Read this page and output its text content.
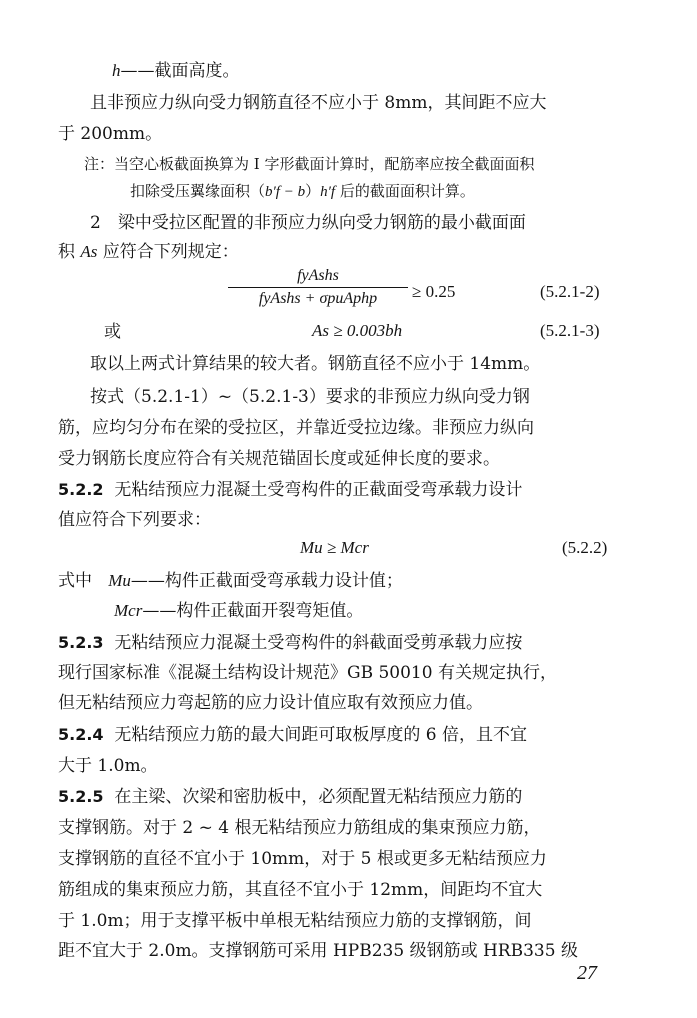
h——截面高度。
且非预应力纵向受力钢筋直径不应小于 8mm，其间距不应大
于 200mm。
注：当空心板截面换算为 I 字形截面计算时，配筋率应按全截面面积
扣除受压翼缘面积（b′f − b）h′f 后的截面面积计算。
2　梁中受拉区配置的非预应力纵向受力钢筋的最小截面面
积 As 应符合下列规定：
fyAshs
fyAshs + σpuAphp	≥ 0.25	(5.2.1-2)
或	As ≥ 0.003bh	(5.2.1-3)
取以上两式计算结果的较大者。钢筋直径不应小于 14mm。
按式（5.2.1-1）~（5.2.1-3）要求的非预应力纵向受力钢
筋，应均匀分布在梁的受拉区，并靠近受拉边缘。非预应力纵向
受力钢筋长度应符合有关规范锚固长度或延伸长度的要求。
5.2.2 无粘结预应力混凝土受弯构件的正截面受弯承载力设计
值应符合下列要求：
Mu ≥ Mcr	(5.2.2)
式中 Mu——构件正截面受弯承载力设计值；
Mcr——构件正截面开裂弯矩值。
5.2.3 无粘结预应力混凝土受弯构件的斜截面受剪承载力应按
现行国家标准《混凝土结构设计规范》GB 50010 有关规定执行，
但无粘结预应力弯起筋的应力设计值应取有效预应力值。
5.2.4 无粘结预应力筋的最大间距可取板厚度的 6 倍，且不宜
大于 1.0m。
5.2.5 在主梁、次梁和密肋板中，必须配置无粘结预应力筋的
支撑钢筋。对于 2 ~ 4 根无粘结预应力筋组成的集束预应力筋，
支撑钢筋的直径不宜小于 10mm，对于 5 根或更多无粘结预应力
筋组成的集束预应力筋，其直径不宜小于 12mm，间距均不宜大
于 1.0m；用于支撑平板中单根无粘结预应力筋的支撑钢筋，间
距不宜大于 2.0m。支撑钢筋可采用 HPB235 级钢筋或 HRB335 级
27
